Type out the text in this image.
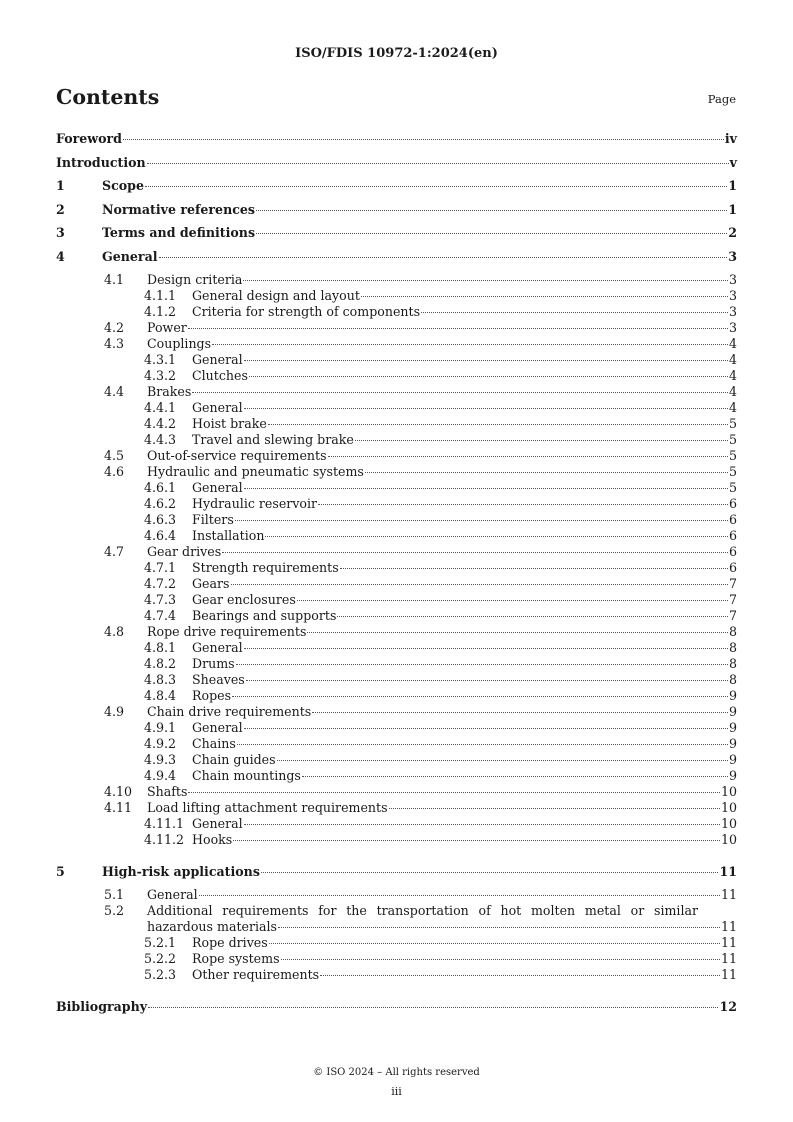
ISO/FDIS 10972-1:2024(en)
Contents	Page
Foreword	iv
Introduction	v
1	Scope	1
2	Normative references	1
3	Terms and definitions	2
4	General	3
4.1 Design criteria	3
4.1.1 General design and layout	3
4.1.2 Criteria for strength of components	3
4.2 Power	3
4.3 Couplings	4
4.3.1 General	4
4.3.2 Clutches	4
4.4 Brakes	4
4.4.1 General	4
4.4.2 Hoist brake	5
4.4.3 Travel and slewing brake	5
4.5 Out-of-service requirements	5
4.6 Hydraulic and pneumatic systems	5
4.6.1 General	5
4.6.2 Hydraulic reservoir	6
4.6.3 Filters	6
4.6.4 Installation	6
4.7 Gear drives	6
4.7.1 Strength requirements	6
4.7.2 Gears	7
4.7.3 Gear enclosures	7
4.7.4 Bearings and supports	7
4.8 Rope drive requirements	8
4.8.1 General	8
4.8.2 Drums	8
4.8.3 Sheaves	8
4.8.4 Ropes	9
4.9 Chain drive requirements	9
4.9.1 General	9
4.9.2 Chains	9
4.9.3 Chain guides	9
4.9.4 Chain mountings	9
4.10 Shafts	10
4.11 Load lifting attachment requirements	10
4.11.1 General	10
4.11.2 Hooks	10
5	High-risk applications	11
5.1 General	11
5.2 Additional requirements for the transportation of hot molten metal or similar
hazardous materials	11
5.2.1 Rope drives	11
5.2.2 Rope systems	11
5.2.3 Other requirements	11
Bibliography	12
© ISO 2024 – All rights reserved
iii
